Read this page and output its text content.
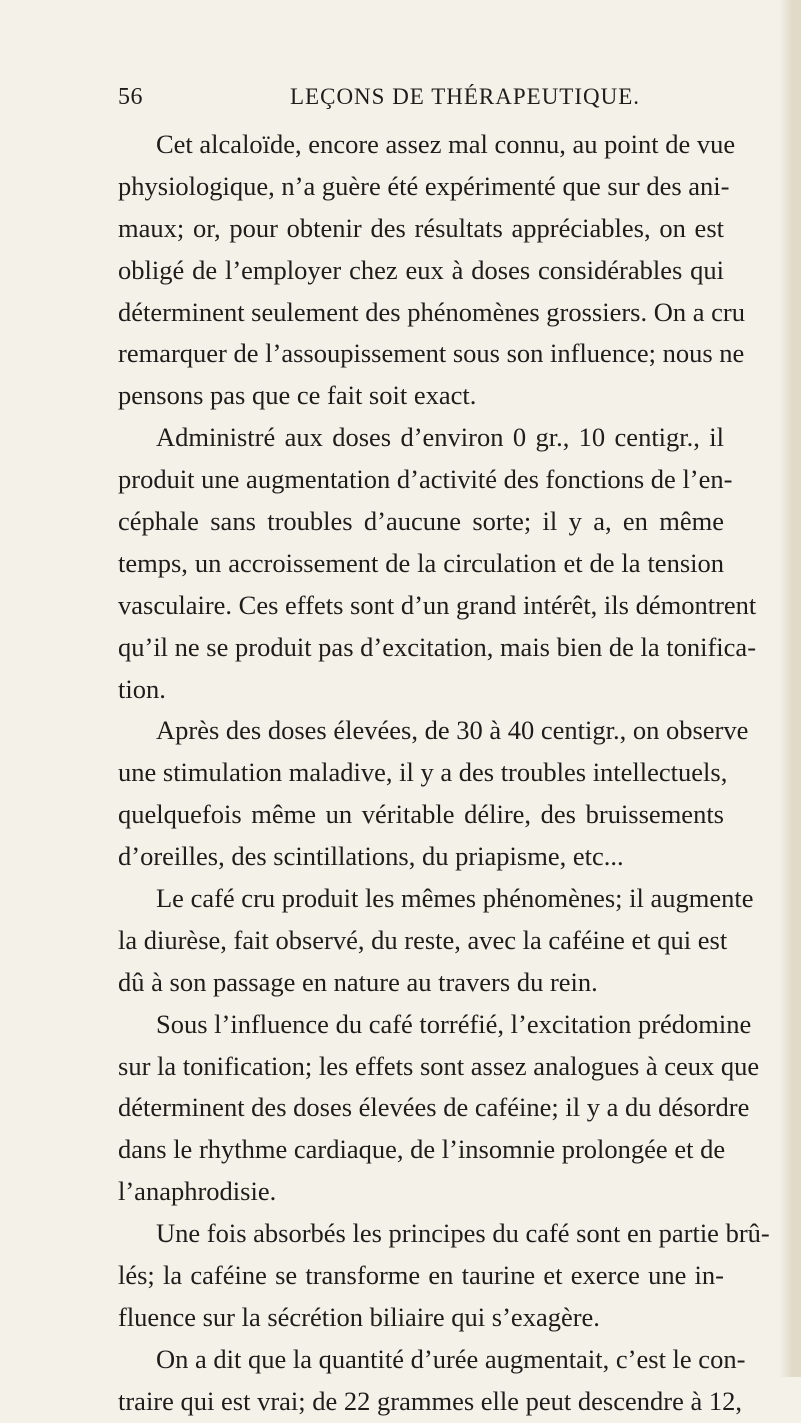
56	LEÇONS DE THÉRAPEUTIQUE.
Cet alcaloïde, encore assez mal connu, au point de vue
physiologique, n’a guère été expérimenté que sur des ani-
maux; or, pour obtenir des résultats appréciables, on est
obligé de l’employer chez eux à doses considérables qui
déterminent seulement des phénomènes grossiers. On a cru
remarquer de l’assoupissement sous son influence; nous ne
pensons pas que ce fait soit exact.
Administré aux doses d’environ 0 gr., 10 centigr., il
produit une augmentation d’activité des fonctions de l’en-
céphale sans troubles d’aucune sorte; il y a, en même
temps, un accroissement de la circulation et de la tension
vasculaire. Ces effets sont d’un grand intérêt, ils démontrent
qu’il ne se produit pas d’excitation, mais bien de la tonifica-
tion.
Après des doses élevées, de 30 à 40 centigr., on observe
une stimulation maladive, il y a des troubles intellectuels,
quelquefois même un véritable délire, des bruissements
d’oreilles, des scintillations, du priapisme, etc...
Le café cru produit les mêmes phénomènes; il augmente
la diurèse, fait observé, du reste, avec la caféine et qui est
dû à son passage en nature au travers du rein.
Sous l’influence du café torréfié, l’excitation prédomine
sur la tonification; les effets sont assez analogues à ceux que
déterminent des doses élevées de caféine; il y a du désordre
dans le rhythme cardiaque, de l’insomnie prolongée et de
l’anaphrodisie.
Une fois absorbés les principes du café sont en partie brû-
lés; la caféine se transforme en taurine et exerce une in-
fluence sur la sécrétion biliaire qui s’exagère.
On a dit que la quantité d’urée augmentait, c’est le con-
traire qui est vrai; de 22 grammes elle peut descendre à 12,
